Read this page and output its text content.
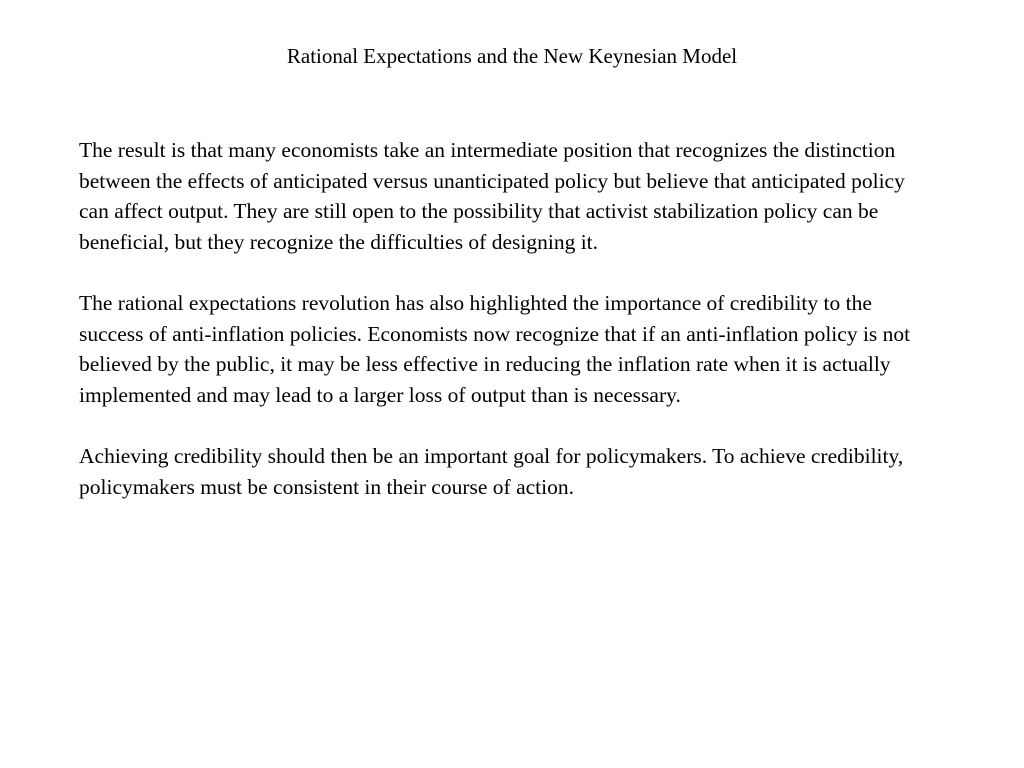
Rational Expectations and the New Keynesian Model

The result is that many economists take an intermediate position that recognizes the distinction between the effects of anticipated versus unanticipated policy but believe that anticipated policy can affect output. They are still open to the possibility that activist stabilization policy can be beneficial, but they recognize the difficulties of designing it.

The rational expectations revolution has also highlighted the importance of credibility to the success of anti-inflation policies. Economists now recognize that if an anti-inflation policy is not believed by the public, it may be less effective in reducing the inflation rate when it is actually implemented and may lead to a larger loss of output than is necessary.

Achieving credibility should then be an important goal for policymakers. To achieve credibility, policymakers must be consistent in their course of action.
